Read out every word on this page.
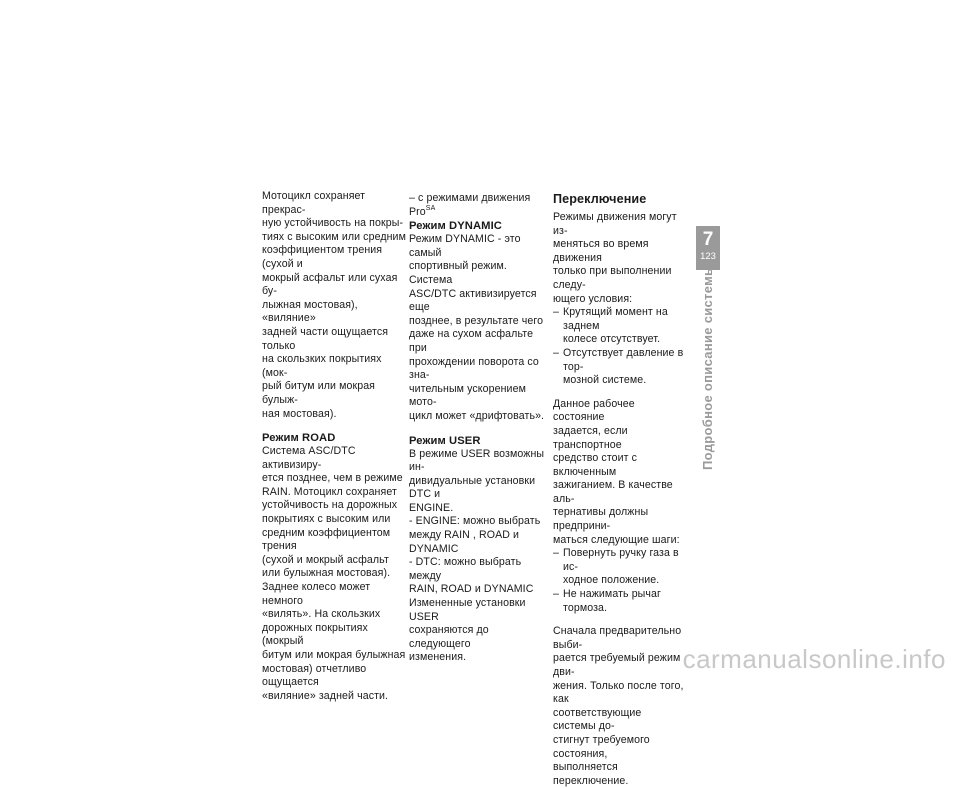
Мотоцикл сохраняет прекрас-
ную устойчивость на покры-
тиях с высоким или средним
коэффициентом трения (сухой и
мокрый асфальт или сухая бу-
лыжная мостовая), «виляние»
задней части ощущается только
на скользких покрытиях (мок-
рый битум или мокрая булыж-
ная мостовая).

Режим ROAD

Система ASC/DTC активизиру-
ется позднее, чем в режиме
RAIN. Мотоцикл сохраняет
устойчивость на дорожных
покрытиях с высоким или
средним коэффициентом трения
(сухой и мокрый асфальт
или булыжная мостовая).
Заднее колесо может немного
«вилять». На скользких
дорожных покрытиях (мокрый
битум или мокрая булыжная
мостовая) отчетливо ощущается
«виляние» задней части.

– с режимами движения Pro$^{SA}$

Режим DYNAMIC

Режим DYNAMIC - это самый
спортивный режим. Система
ASC/DTC активизируется еще
позднее, в результате чего
даже на сухом асфальте при
прохождении поворота со зна-
чительным ускорением мото-
цикл может «дрифтовать».

Режим USER

В режиме USER возможны ин-
дивидуальные установки DTC и
ENGINE.
- ENGINE: можно выбрать
между RAIN , ROAD и
DYNAMIC
- DTC: можно выбрать между
RAIN, ROAD и DYNAMIC
Измененные установки USER
сохраняются до следующего
изменения.

Переключение

Режимы движения могут из-
меняться во время движения
только при выполнении следу-
ющего условия:

– Крутящий момент на заднем
колесе отсутствует.

– Отсутствует давление в тор-
мозной системе.

Данное рабочее состояние
задается, если транспортное
средство стоит с включенным
зажиганием. В качестве аль-
тернативы должны предприни-
маться следующие шаги:

– Повернуть ручку газа в ис-
ходное положение.

– Не нажимать рычаг тормоза.

Сначала предварительно выби-
рается требуемый режим дви-
жения. Только после того, как
соответствующие системы до-
стигнут требуемого состояния,
выполняется переключение.

7
123
Подробное описание системы
carmanualsonline.info
